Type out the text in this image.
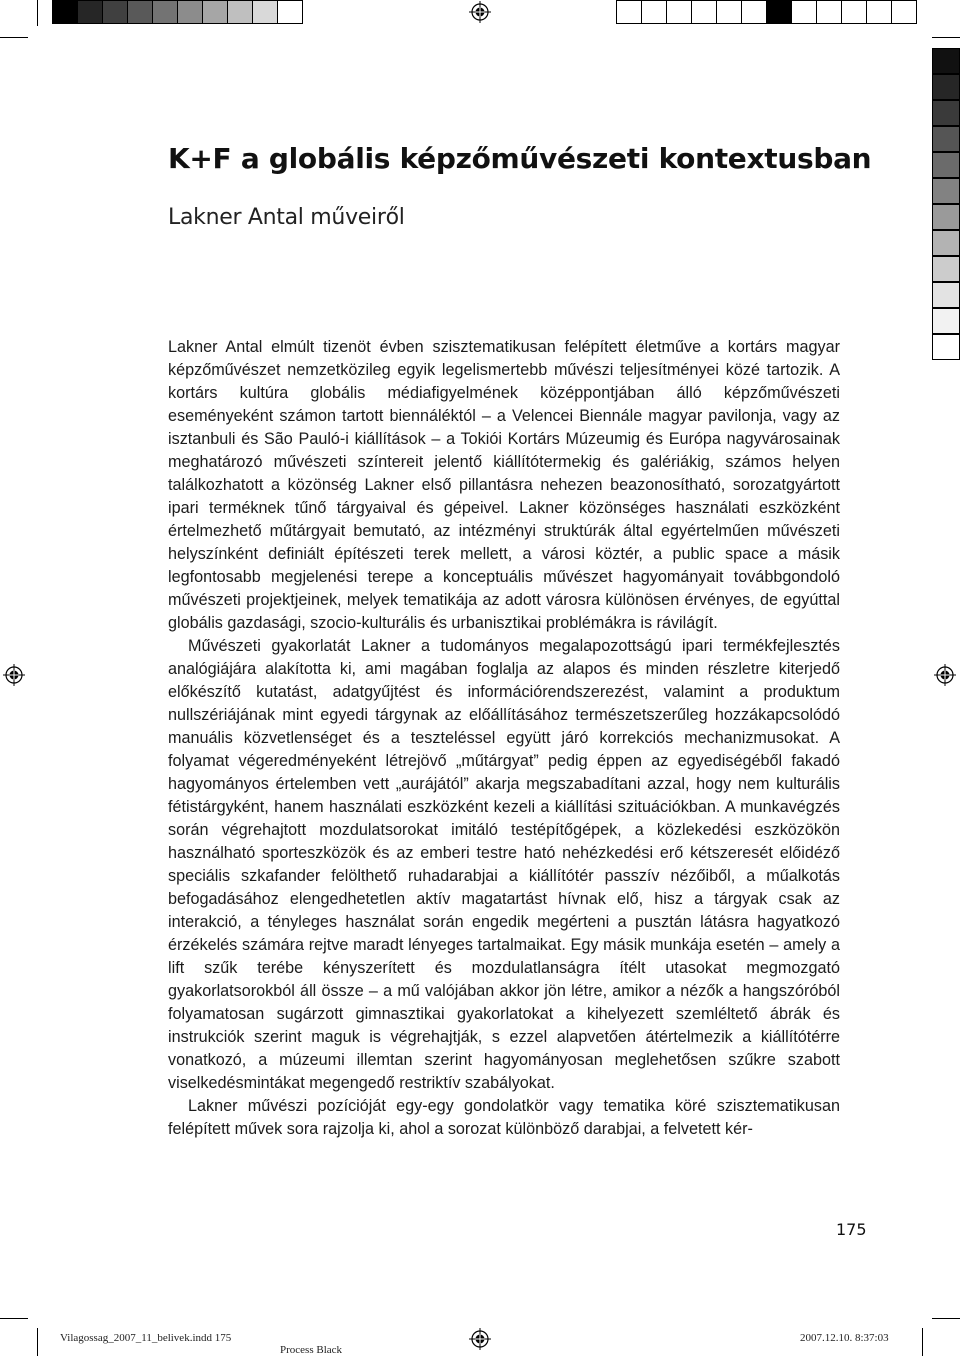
K+F a globális képzőművészeti kontextusban
Lakner Antal műveiről

Lakner Antal elmúlt tizenöt évben szisztematikusan felépített életműve a kortárs magyar képzőművészet nemzetközileg egyik legelismertebb művészi teljesítményei közé tartozik. A kortárs kultúra globális médiafigyelmének középpontjában álló képzőművészeti eseményeként számon tartott biennáléktól – a Velencei Biennále magyar pavilonja, vagy az isztanbuli és São Pauló-i kiállítások – a Tokiói Kortárs Múzeumig és Európa nagyvárosainak meghatározó művészeti színtereit jelentő kiállítótermekig és galériákig, számos helyen találkozhatott a közönség Lakner első pillantásra nehezen beazonosítható, sorozatgyártott ipari terméknek tűnő tárgyaival és gépeivel. Lakner közönséges használati eszközként értelmezhető műtárgyait bemutató, az intézményi struktúrák által egyértelműen művészeti helyszínként definiált építészeti terek mellett, a városi köztér, a public space a másik legfontosabb megjelenési terepe a konceptuális művészet hagyományait továbbgondoló művészeti projektjeinek, melyek tematikája az adott városra különösen érvényes, de egyúttal globális gazdasági, szocio-kulturális és urbanisztikai problémákra is rávilágít.

Művészeti gyakorlatát Lakner a tudományos megalapozottságú ipari termékfejlesztés analógiájára alakította ki, ami magában foglalja az alapos és minden részletre kiterjedő előkészítő kutatást, adatgyűjtést és információrendszerezést, valamint a produktum nullszériájának mint egyedi tárgynak az előállításához természetszerűleg hozzákapcsolódó manuális közvetlenséget és a teszteléssel együtt járó korrekciós mechanizmusokat. A folyamat végeredményeként létrejövő „műtárgyat” pedig éppen az egyediségéből fakadó hagyományos értelemben vett „aurájától” akarja megszabadítani azzal, hogy nem kulturális fétistárgyként, hanem használati eszközként kezeli a kiállítási szituációkban. A munkavégzés során végrehajtott mozdulatsorokat imitáló testépítőgépek, a közlekedési eszközökön használható sporteszközök és az emberi testre ható nehézkedési erő kétszeresét előidéző speciális szkafander felölthető ruhadarabjai a kiállítótér passzív nézőiből, a műalkotás befogadásához elengedhetetlen aktív magatartást hívnak elő, hisz a tárgyak csak az interakció, a tényleges használat során engedik megérteni a pusztán látásra hagyatkozó érzékelés számára rejtve maradt lényeges tartalmaikat. Egy másik munkája esetén – amely a lift szűk terébe kényszerített és mozdulatlanságra ítélt utasokat megmozgató gyakorlatsorokból áll össze – a mű valójában akkor jön létre, amikor a nézők a hangszóróból folyamatosan sugárzott gimnasztikai gyakorlatokat a kihelyezett szemléltető ábrák és instrukciók szerint maguk is végrehajtják, s ezzel alapvetően átértelmezik a kiállítótérre vonatkozó, a múzeumi illemtan szerint hagyományosan meglehetősen szűkre szabott viselkedésmintákat megengedő restriktív szabályokat.

Lakner művészi pozícióját egy-egy gondolatkör vagy tematika köré szisztematikusan felépített művek sora rajzolja ki, ahol a sorozat különböző darabjai, a felvetett kér-

175
Vilagossag_2007_11_belivek.indd 175
Process Black
2007.12.10. 8:37:03
